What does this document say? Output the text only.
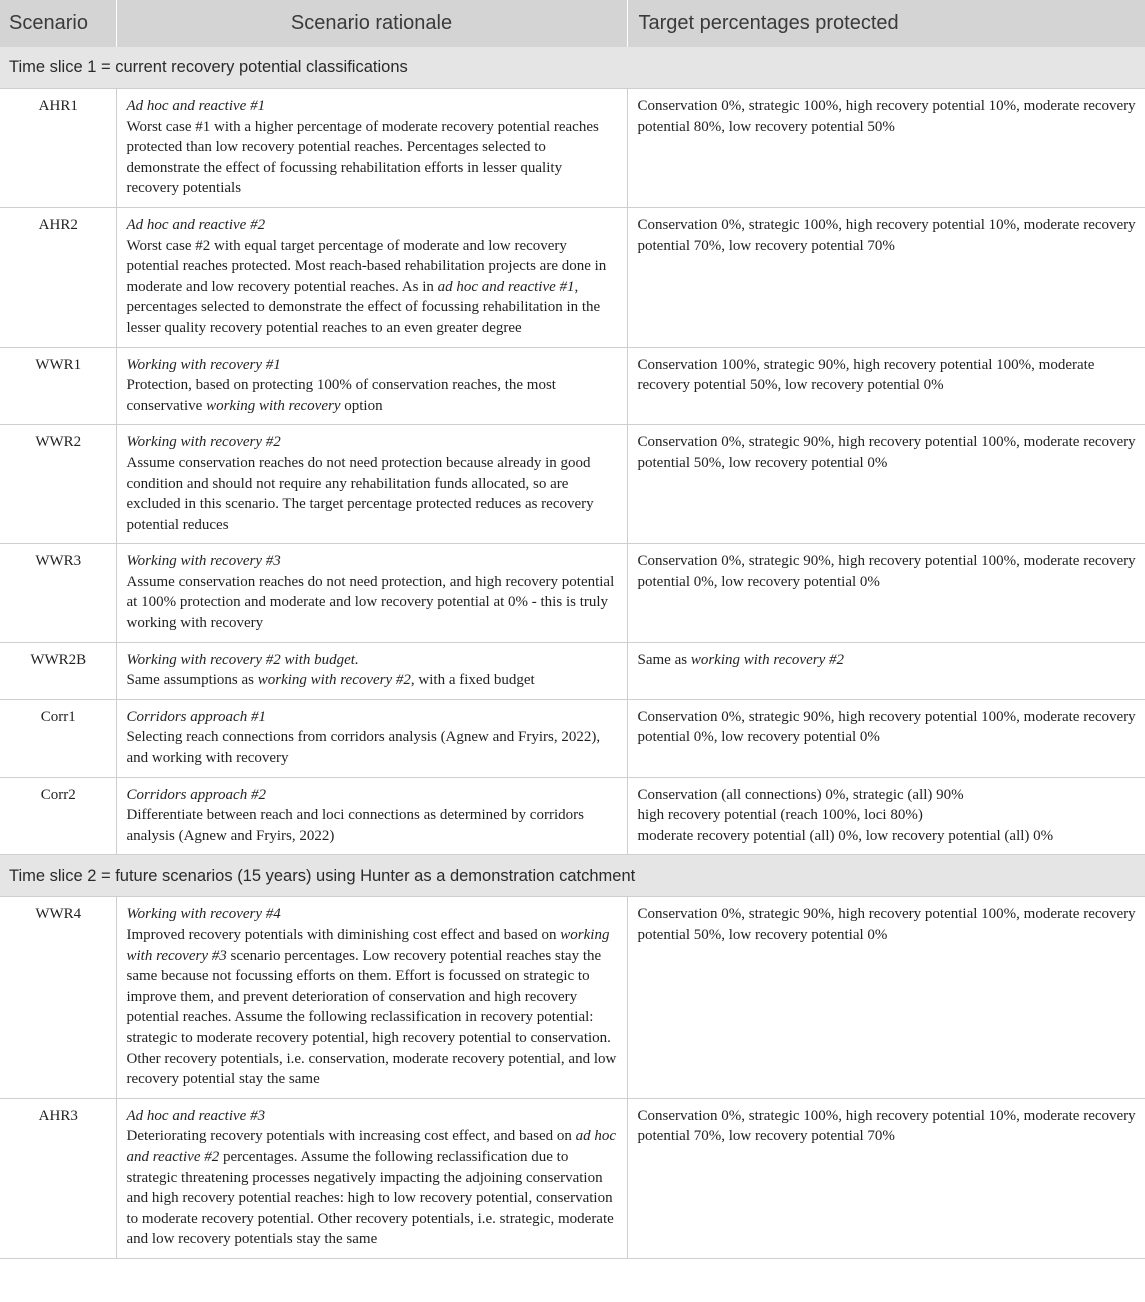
Scenario	Scenario rationale	Target percentages protected
Time slice 1 = current recovery potential classifications		
AHR1	Ad hoc and reactive #1
Worst case #1 with a higher percentage of moderate recovery potential reaches protected than low recovery potential reaches. Percentages selected to demonstrate the effect of focussing rehabilitation efforts in lesser quality recovery potentials	Conservation 0%, strategic 100%, high recovery potential 10%, moderate recovery potential 80%, low recovery potential 50%

AHR2	Ad hoc and reactive #2
Worst case #2 with equal target percentage of moderate and low recovery potential reaches protected. Most reach-based rehabilitation projects are done in moderate and low recovery potential reaches. As in ad hoc and reactive #1, percentages selected to demonstrate the effect of focussing rehabilitation in the lesser quality recovery potential reaches to an even greater degree	Conservation 0%, strategic 100%, high recovery potential 10%, moderate recovery potential 70%, low recovery potential 70%

WWR1	Working with recovery #1
Protection, based on protecting 100% of conservation reaches, the most conservative working with recovery option	Conservation 100%, strategic 90%, high recovery potential 100%, moderate recovery potential 50%, low recovery potential 0%

WWR2	Working with recovery #2
Assume conservation reaches do not need protection because already in good condition and should not require any rehabilitation funds allocated, so are excluded in this scenario. The target percentage protected reduces as recovery potential reduces	Conservation 0%, strategic 90%, high recovery potential 100%, moderate recovery potential 50%, low recovery potential 0%

WWR3	Working with recovery #3
Assume conservation reaches do not need protection, and high recovery potential at 100% protection and moderate and low recovery potential at 0% - this is truly working with recovery	Conservation 0%, strategic 90%, high recovery potential 100%, moderate recovery potential 0%, low recovery potential 0%

WWR2B	Working with recovery #2 with budget.
Same assumptions as working with recovery #2, with a fixed budget	Same as working with recovery #2

Corr1	Corridors approach #1
Selecting reach connections from corridors analysis (Agnew and Fryirs, 2022), and working with recovery	Conservation 0%, strategic 90%, high recovery potential 100%, moderate recovery potential 0%, low recovery potential 0%

Corr2	Corridors approach #2
Differentiate between reach and loci connections as determined by corridors analysis (Agnew and Fryirs, 2022)	Conservation (all connections) 0%, strategic (all) 90%
high recovery potential (reach 100%, loci 80%)
moderate recovery potential (all) 0%, low recovery potential (all) 0%

Time slice 2 = future scenarios (15 years) using Hunter as a demonstration catchment		
WWR4	Working with recovery #4
Improved recovery potentials with diminishing cost effect and based on working with recovery #3 scenario percentages. Low recovery potential reaches stay the same because not focussing efforts on them. Effort is focussed on strategic to improve them, and prevent deterioration of conservation and high recovery potential reaches. Assume the following reclassification in recovery potential: strategic to moderate recovery potential, high recovery potential to conservation. Other recovery potentials, i.e. conservation, moderate recovery potential, and low recovery potential stay the same	Conservation 0%, strategic 90%, high recovery potential 100%, moderate recovery potential 50%, low recovery potential 0%

AHR3	Ad hoc and reactive #3
Deteriorating recovery potentials with increasing cost effect, and based on ad hoc and reactive #2 percentages. Assume the following reclassification due to strategic threatening processes negatively impacting the adjoining conservation and high recovery potential reaches: high to low recovery potential, conservation to moderate recovery potential. Other recovery potentials, i.e. strategic, moderate and low recovery potentials stay the same	Conservation 0%, strategic 100%, high recovery potential 10%, moderate recovery potential 70%, low recovery potential 70%
